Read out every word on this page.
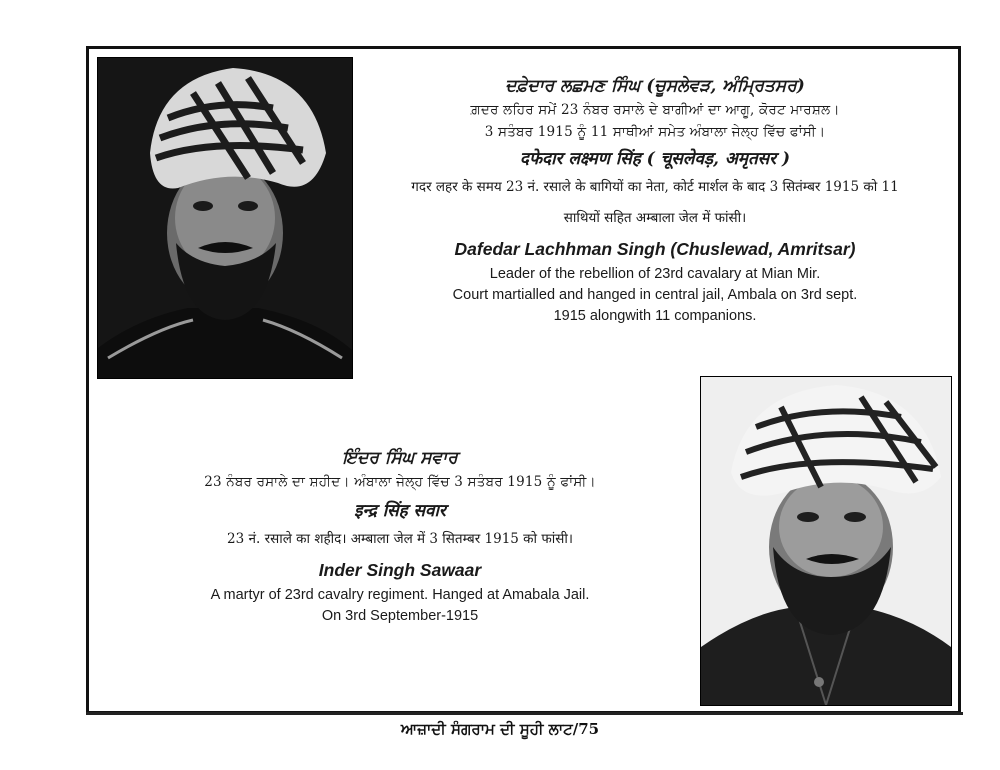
ਦਫ਼ੇਦਾਰ ਲਛਮਣ ਸਿੰਘ (ਚੂਸਲੇਵੜ, ਅੰਮ੍ਰਿਤਸਰ)
ਗ਼ਦਰ ਲਹਿਰ ਸਮੇਂ 23 ਨੰਬਰ ਰਸਾਲੇ ਦੇ ਬਾਗੀਆਂ ਦਾ ਆਗੂ, ਕੋਰਟ ਮਾਰਸ਼ਲ।
3 ਸਤੰਬਰ 1915 ਨੂੰ 11 ਸਾਥੀਆਂ ਸਮੇਤ ਅੰਬਾਲਾ ਜੇਲ੍ਹ ਵਿੱਚ ਫਾਂਸੀ।
दफेदार लक्ष्मण सिंह ( चूसलेवड़, अमृतसर )
गदर लहर के समय 23 नं. रसाले के बागियों का नेता, कोर्ट मार्शल के बाद 3 सितंम्बर 1915 को 11
साथियों सहित अम्बाला जेल में फांसी।
Dafedar Lachhman Singh (Chuslewad, Amritsar)
Leader of the rebellion of 23rd cavalary at Mian Mir.
Court martialled and hanged in central jail, Ambala on 3rd sept.
1915 alongwith 11 companions.
ਇੰਦਰ ਸਿੰਘ ਸਵਾਰ
23 ਨੰਬਰ ਰਸਾਲੇ ਦਾ ਸ਼ਹੀਦ। ਅੰਬਾਲਾ ਜੇਲ੍ਹ ਵਿੱਚ 3 ਸਤੰਬਰ 1915 ਨੂੰ ਫਾਂਸੀ।
इन्द्र सिंह सवार
23 नं. रसाले का शहीद। अम्बाला जेल में 3 सितम्बर 1915 को फांसी।
Inder Singh Sawaar
A martyr of 23rd cavalry regiment. Hanged at Amabala Jail.
On 3rd September-1915
ਆਜ਼ਾਦੀ ਸੰਗਰਾਮ ਦੀ ਸੂਹੀ ਲਾਟ/75
